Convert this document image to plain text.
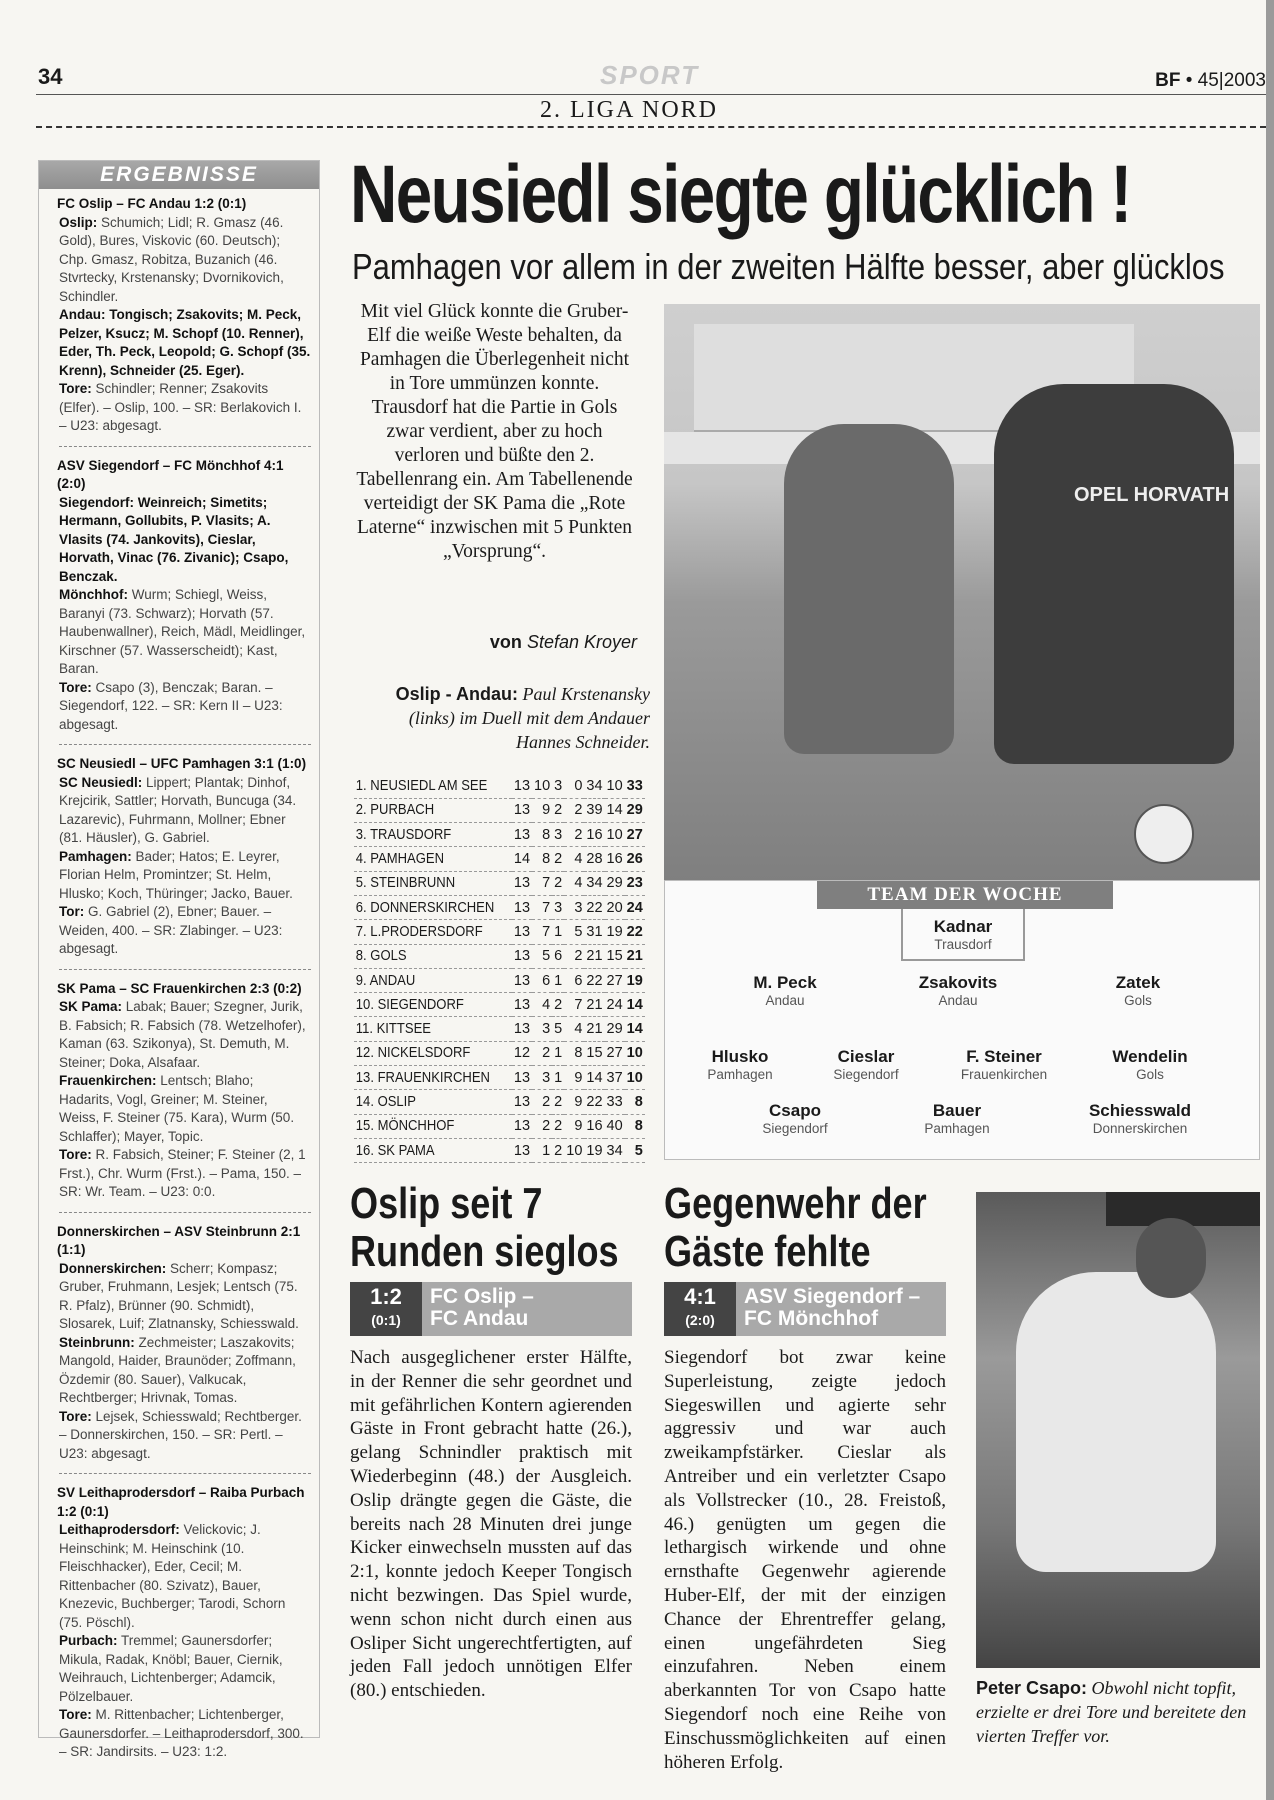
34	SPORT	BF • 45|2003
2. LIGA NORD
ERGEBNISSE
FC Oslip – FC Andau 1:2 (0:1)

Oslip: Schumich; Lidl; R. Gmasz (46. Gold), Bures, Viskovic (60. Deutsch); Chp. Gmasz, Robitza, Buzanich (46. Stvrtecky, Krstenansky; Dvornikovich, Schindler.

Andau: Tongisch; Zsakovits; M. Peck, Pelzer, Ksucz; M. Schopf (10. Renner), Eder, Th. Peck, Leopold; G. Schopf (35. Krenn), Schneider (25. Eger).

Tore: Schindler; Renner; Zsakovits (Elfer). – Oslip, 100. – SR: Berlakovich I. – U23: abgesagt.

ASV Siegendorf – FC Mönchhof 4:1 (2:0)

Siegendorf: Weinreich; Simetits; Hermann, Gollubits, P. Vlasits; A. Vlasits (74. Jankovits), Cieslar, Horvath, Vinac (76. Zivanic); Csapo, Benczak.

Mönchhof: Wurm; Schiegl, Weiss, Baranyi (73. Schwarz); Horvath (57. Haubenwallner), Reich, Mädl, Meidlinger, Kirschner (57. Wasserscheidt); Kast, Baran.

Tore: Csapo (3), Benczak; Baran. – Siegendorf, 122. – SR: Kern II – U23: abgesagt.

SC Neusiedl – UFC Pamhagen 3:1 (1:0)

SC Neusiedl: Lippert; Plantak; Dinhof, Krejcirik, Sattler; Horvath, Buncuga (34. Lazarevic), Fuhrmann, Mollner; Ebner (81. Häusler), G. Gabriel.

Pamhagen: Bader; Hatos; E. Leyrer, Florian Helm, Promintzer; St. Helm, Hlusko; Koch, Thüringer; Jacko, Bauer.

Tor: G. Gabriel (2), Ebner; Bauer. – Weiden, 400. – SR: Zlabinger. – U23: abgesagt.

SK Pama – SC Frauenkirchen 2:3 (0:2)

SK Pama: Labak; Bauer; Szegner, Jurik, B. Fabsich; R. Fabsich (78. Wetzelhofer), Kaman (63. Szikonya), St. Demuth, M. Steiner; Doka, Alsafaar.

Frauenkirchen: Lentsch; Blaho; Hadarits, Vogl, Greiner; M. Steiner, Weiss, F. Steiner (75. Kara), Wurm (50. Schlaffer); Mayer, Topic.

Tore: R. Fabsich, Steiner; F. Steiner (2, 1 Frst.), Chr. Wurm (Frst.). – Pama, 150. – SR: Wr. Team. – U23: 0:0.

Donnerskirchen – ASV Steinbrunn 2:1 (1:1)

Donnerskirchen: Scherr; Kompasz; Gruber, Fruhmann, Lesjek; Lentsch (75. R. Pfalz), Brünner (90. Schmidt), Slosarek, Luif; Zlatnansky, Schiesswald.

Steinbrunn: Zechmeister; Laszakovits; Mangold, Haider, Braunöder; Zoffmann, Özdemir (80. Sauer), Valkucak, Rechtberger; Hrivnak, Tomas.

Tore: Lejsek, Schiesswald; Rechtberger. – Donnerskirchen, 150. – SR: Pertl. – U23: abgesagt.

SV Leithaprodersdorf – Raiba Purbach 1:2 (0:1)

Leithaprodersdorf: Velickovic; J. Heinschink; M. Heinschink (10. Fleischhacker), Eder, Cecil; M. Rittenbacher (80. Szivatz), Bauer, Knezevic, Buchberger; Tarodi, Schorn (75. Pöschl).

Purbach: Tremmel; Gaunersdorfer; Mikula, Radak, Knöbl; Bauer, Ciernik, Weihrauch, Lichtenberger; Adamcik, Pölzelbauer.

Tore: M. Rittenbacher; Lichtenberger, Gaunersdorfer. – Leithaprodersdorf, 300. – SR: Jandirsits. – U23: 1:2.

Neusiedl siegte glücklich !
Pamhagen vor allem in der zweiten Hälfte besser, aber glücklos
Mit viel Glück konnte die Gruber-Elf die weiße Weste behalten, da Pamhagen die Überlegenheit nicht in Tore ummünzen konnte. Trausdorf hat die Partie in Gols zwar verdient, aber zu hoch verloren und büßte den 2. Tabellenrang ein. Am Tabellenende verteidigt der SK Pama die „Rote Laterne“ inzwischen mit 5 Punkten „Vorsprung“.
von Stefan Kroyer
Oslip - Andau: Paul Krstenansky (links) im Duell mit dem Andauer Hannes Schneider.
1. NEUSIEDL AM SEE	13	10	3	0	34	10	33
2. PURBACH	13	9	2	2	39	14	29
3. TRAUSDORF	13	8	3	2	16	10	27
4. PAMHAGEN	14	8	2	4	28	16	26
5. STEINBRUNN	13	7	2	4	34	29	23
6. DONNERSKIRCHEN	13	7	3	3	22	20	24
7. L.PRODERSDORF	13	7	1	5	31	19	22
8. GOLS	13	5	6	2	21	15	21
9. ANDAU	13	6	1	6	22	27	19
10. SIEGENDORF	13	4	2	7	21	24	14
11. KITTSEE	13	3	5	4	21	29	14
12. NICKELSDORF	12	2	1	8	15	27	10
13. FRAUENKIRCHEN	13	3	1	9	14	37	10
14. OSLIP	13	2	2	9	22	33	8
15. MÖNCHHOF	13	2	2	9	16	40	8
16. SK PAMA	13	1	2	10	19	34	5
OPEL HORVATH
TEAM DER WOCHE
Kadnar
Trausdorf
M. Peck
Andau
Zsakovits
Andau
Zatek
Gols
Hlusko
Pamhagen
Cieslar
Siegendorf
F. Steiner
Frauenkirchen
Wendelin
Gols
Csapo
Siegendorf
Bauer
Pamhagen
Schiesswald
Donnerskirchen
Oslip seit 7
Runden sieglos
1:2
(0:1)
FC Oslip –
FC Andau
Nach ausgeglichener erster Hälfte, in der Renner die sehr geordnet und mit gefährlichen Kontern agierenden Gäste in Front gebracht hatte (26.), gelang Schnindler praktisch mit Wiederbeginn (48.) der Ausgleich. Oslip drängte gegen die Gäste, die bereits nach 28 Minuten drei junge Kicker einwechseln mussten auf das 2:1, konnte jedoch Keeper Tongisch nicht bezwingen. Das Spiel wurde, wenn schon nicht durch einen aus Osliper Sicht ungerechtfertigten, auf jeden Fall jedoch unnötigen Elfer (80.) entschieden.
Gegenwehr der
Gäste fehlte
4:1
(2:0)
ASV Siegendorf –
FC Mönchhof
Siegendorf bot zwar keine Superleistung, zeigte jedoch Siegeswillen und agierte sehr aggressiv und war auch zweikampfstärker. Cieslar als Antreiber und ein verletzter Csapo als Vollstrecker (10., 28. Freistoß, 46.) genügten um gegen die lethargisch wirkende und ohne ernsthafte Gegenwehr agierende Huber-Elf, der mit der einzigen Chance der Ehrentreffer gelang, einen ungefährdeten Sieg einzufahren. Neben einem aberkannten Tor von Csapo hatte Siegendorf noch eine Reihe von Einschussmöglichkeiten auf einen höheren Erfolg.
Peter Csapo: Obwohl nicht topfit, erzielte er drei Tore und bereitete den vierten Treffer vor.
